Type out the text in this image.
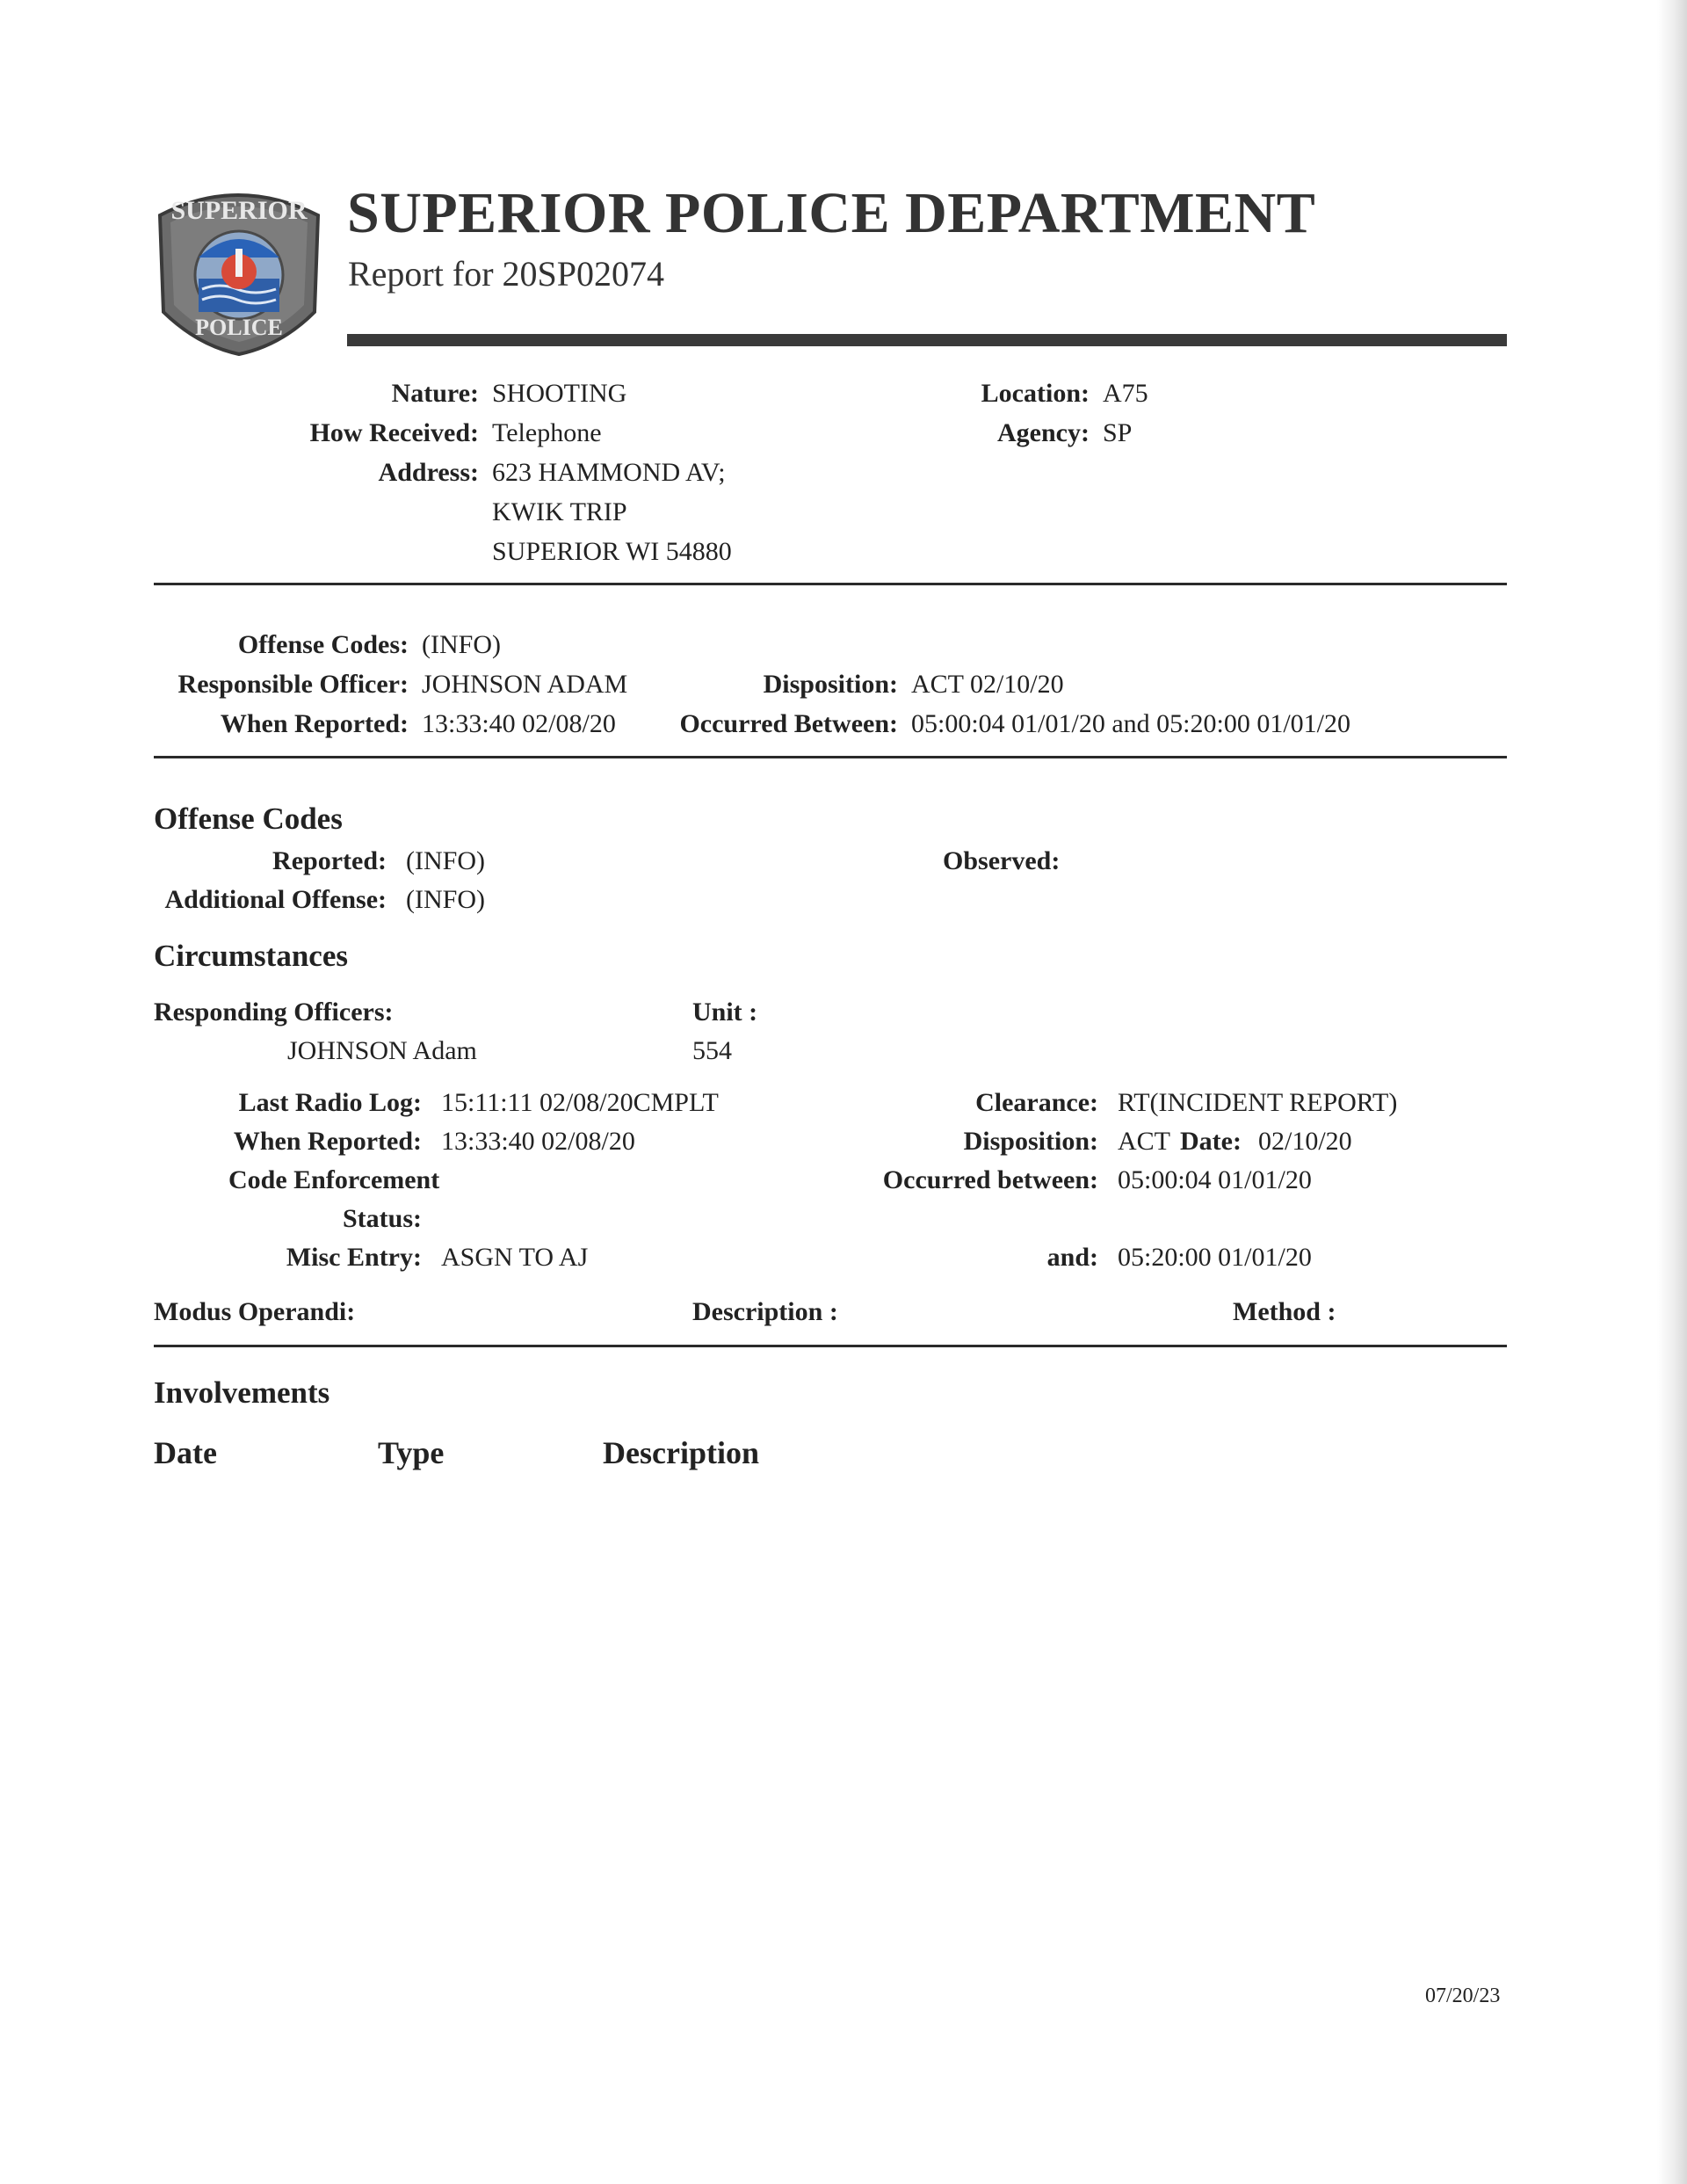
SUPERIOR
POLICE
SUPERIOR POLICE DEPARTMENT
Report for 20SP02074
Nature: SHOOTING
How Received: Telephone
Address: 623 HAMMOND AV;
KWIK TRIP
SUPERIOR WI 54880
Location: A75
Agency: SP
Offense Codes: (INFO)
Responsible Officer: JOHNSON ADAM
When Reported: 13:33:40 02/08/20
Disposition: ACT 02/10/20
Occurred Between: 05:00:04 01/01/20 and 05:20:00 01/01/20
Offense Codes
Reported: (INFO)
Additional Offense: (INFO)
Observed:
Circumstances
Responding Officers:	Unit :
JOHNSON Adam	554
Last Radio Log: 15:11:11 02/08/20CMPLT
When Reported: 13:33:40 02/08/20
Code Enforcement
Status:
Misc Entry: ASGN TO AJ
Clearance: RT(INCIDENT REPORT)
Disposition: ACT Date: 02/10/20
Occurred between: 05:00:04 01/01/20
and: 05:20:00 01/01/20
Modus Operandi:	Description :	Method :
Involvements
Date	Type	Description
07/20/23
